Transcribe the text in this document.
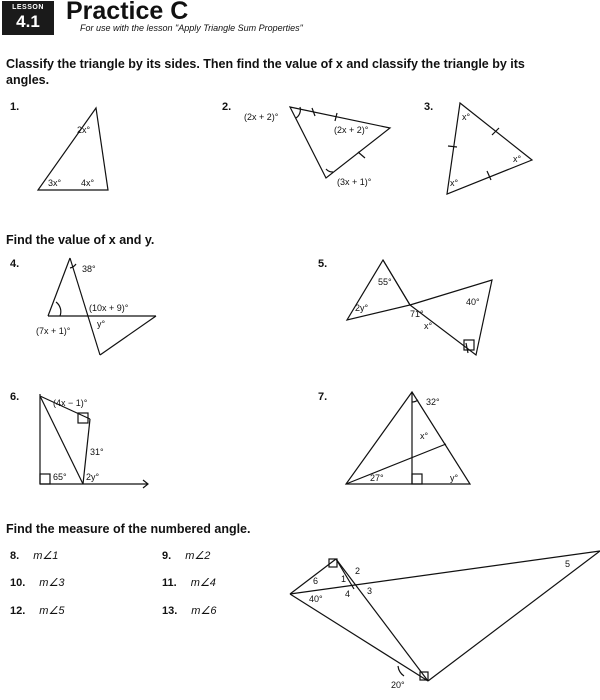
LESSON
4.1	Practice C
For use with the lesson "Apply Triangle Sum Properties"
Classify the triangle by its sides. Then find the value of x and classify the triangle by its angles.
1.	2.	3.
Find the value of x and y.
4.	5.
6.	7.
Find the measure of the numbered angle.
8. m∠1	9. m∠2
10. m∠3	11. m∠4
12. m∠5	13. m∠6
2x°
3x° 4x°
(2x + 2)°
(2x + 2)°
(3x + 1)°
x°
x°
x°
38°
(10x + 9)°
y°
(7x + 1)°
55°
2y°
71°
x°
40°
(4x − 1)°
31°
65° 2y°
32°
x°
27°	y°
6	1
2
4 3
5
40°
20°
